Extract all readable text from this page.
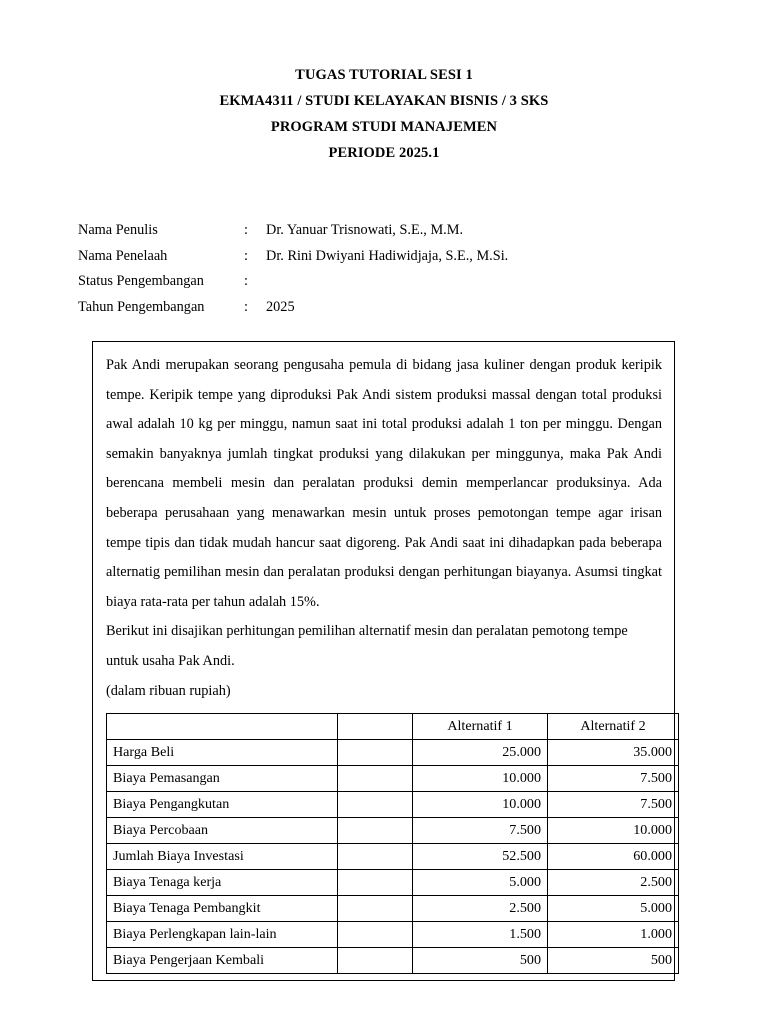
TUGAS TUTORIAL SESI 1
EKMA4311 / STUDI KELAYAKAN BISNIS / 3 SKS
PROGRAM STUDI MANAJEMEN
PERIODE 2025.1
Nama Penulis	:	Dr. Yanuar Trisnowati, S.E., M.M.
Nama Penelaah	:	Dr. Rini Dwiyani Hadiwidjaja, S.E., M.Si.
Status Pengembangan	:
Tahun Pengembangan	:	2025

Pak Andi merupakan seorang pengusaha pemula di bidang jasa kuliner dengan produk keripik tempe. Keripik tempe yang diproduksi Pak Andi sistem produksi massal dengan total produksi awal adalah 10 kg per minggu, namun saat ini total produksi adalah 1 ton per minggu. Dengan semakin banyaknya jumlah tingkat produksi yang dilakukan per minggunya, maka Pak Andi berencana membeli mesin dan peralatan produksi demin memperlancar produksinya. Ada beberapa perusahaan yang menawarkan mesin untuk proses pemotongan tempe agar irisan tempe tipis dan tidak mudah hancur saat digoreng. Pak Andi saat ini dihadapkan pada beberapa alternatig pemilihan mesin dan peralatan produksi dengan perhitungan biayanya. Asumsi tingkat biaya rata-rata per tahun adalah 15%.

Berikut ini disajikan perhitungan pemilihan alternatif mesin dan peralatan pemotong tempe untuk usaha Pak Andi.

(dalam ribuan rupiah)

		Alternatif 1	Alternatif 2
Harga Beli		25.000	35.000
Biaya Pemasangan		10.000	7.500
Biaya Pengangkutan		10.000	7.500
Biaya Percobaan		7.500	10.000
Jumlah Biaya Investasi		52.500	60.000
Biaya Tenaga kerja		5.000	2.500
Biaya Tenaga Pembangkit		2.500	5.000
Biaya Perlengkapan lain-lain		1.500	1.000
Biaya Pengerjaan Kembali		500	500
